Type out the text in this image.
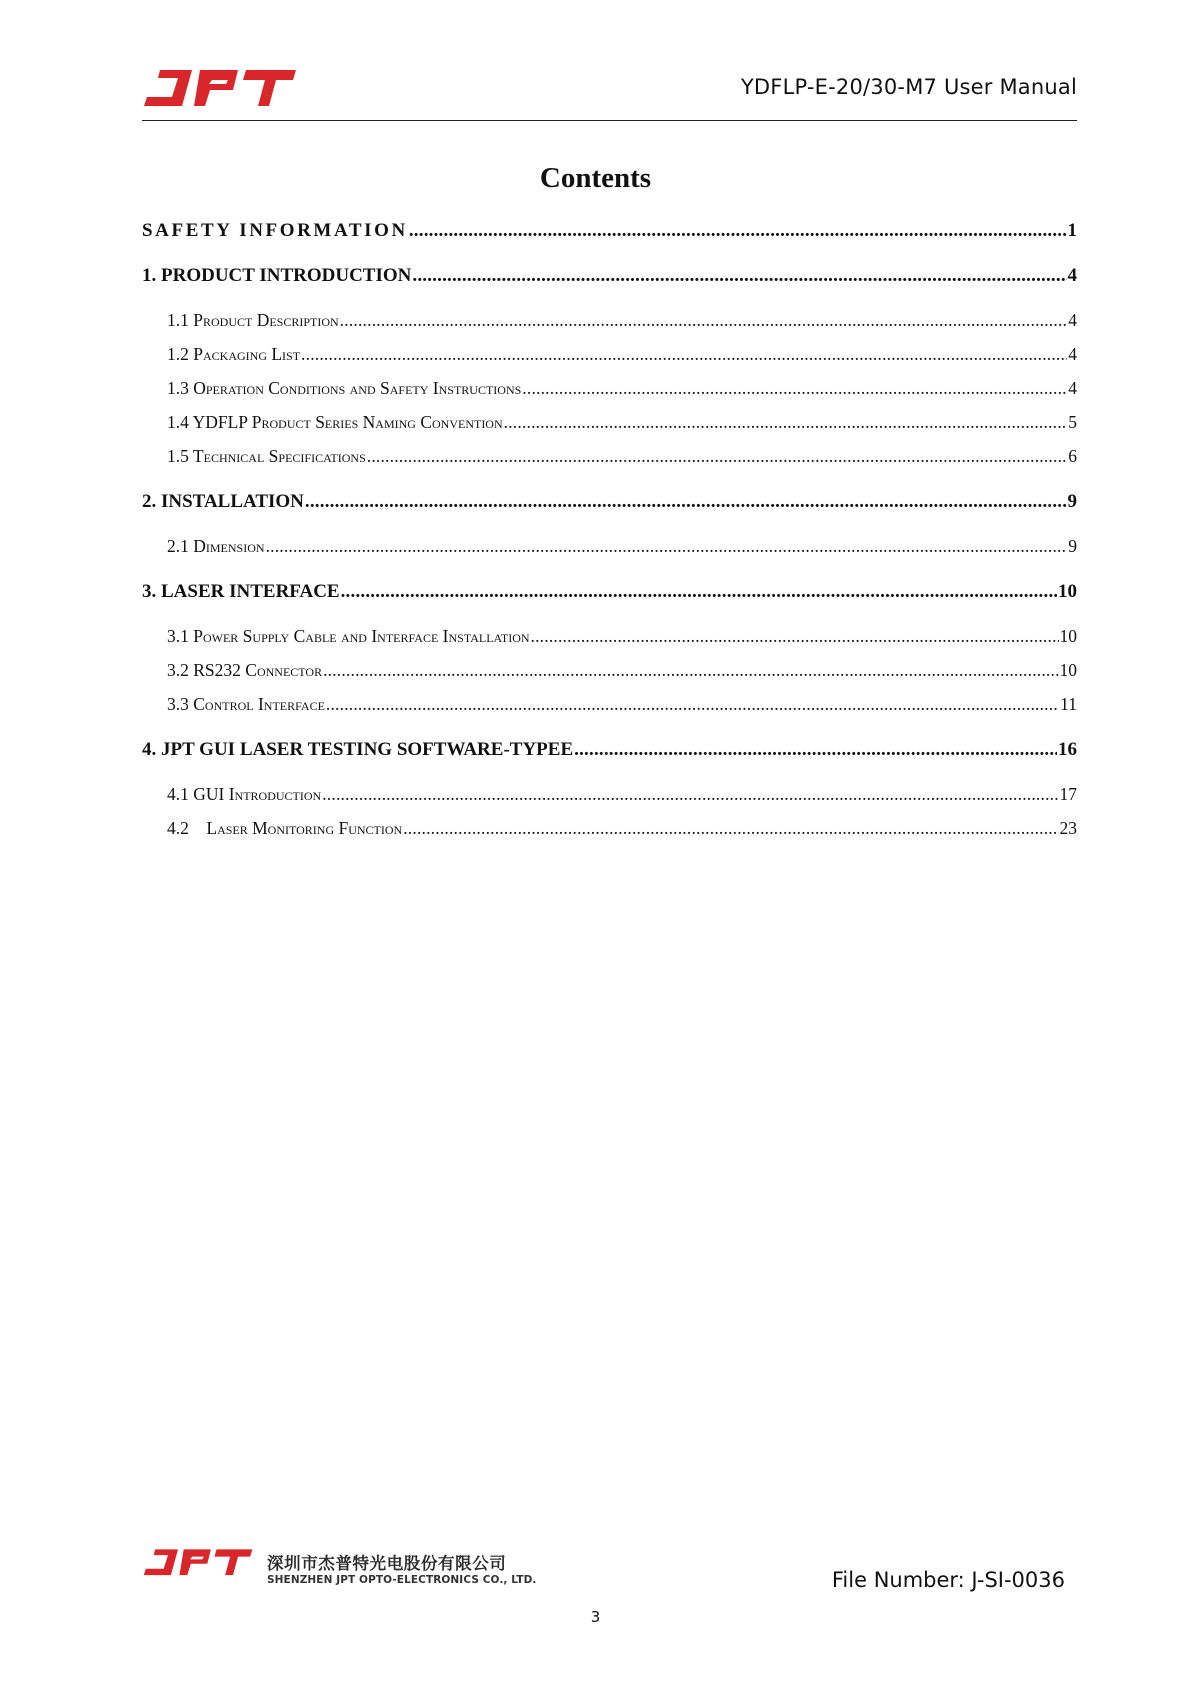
YDFLP-E-20/30-M7 User Manual
Contents
SAFETY INFORMATION .....	1
1. PRODUCT INTRODUCTION .....	4
1.1 Product Description .....	4
1.2 Packaging List .....	4
1.3 Operation Conditions and Safety Instructions .....	4
1.4 YDFLP Product Series Naming Convention .....	5
1.5 Technical Specifications .....	6
2. INSTALLATION .....	9
2.1 Dimension .....	9
3. LASER INTERFACE .....	10
3.1 Power Supply Cable and Interface Installation .....	10
3.2 RS232 Connector .....	10
3.3 Control Interface .....	11
4. JPT GUI LASER TESTING SOFTWARE-TYPEE .....	16
4.1 GUI Introduction .....	17
4.2    Laser Monitoring Function .....	23
深圳市杰普特光电股份有限公司
SHENZHEN JPT OPTO-ELECTRONICS CO., LTD.	File Number: J-SI-0036
3
